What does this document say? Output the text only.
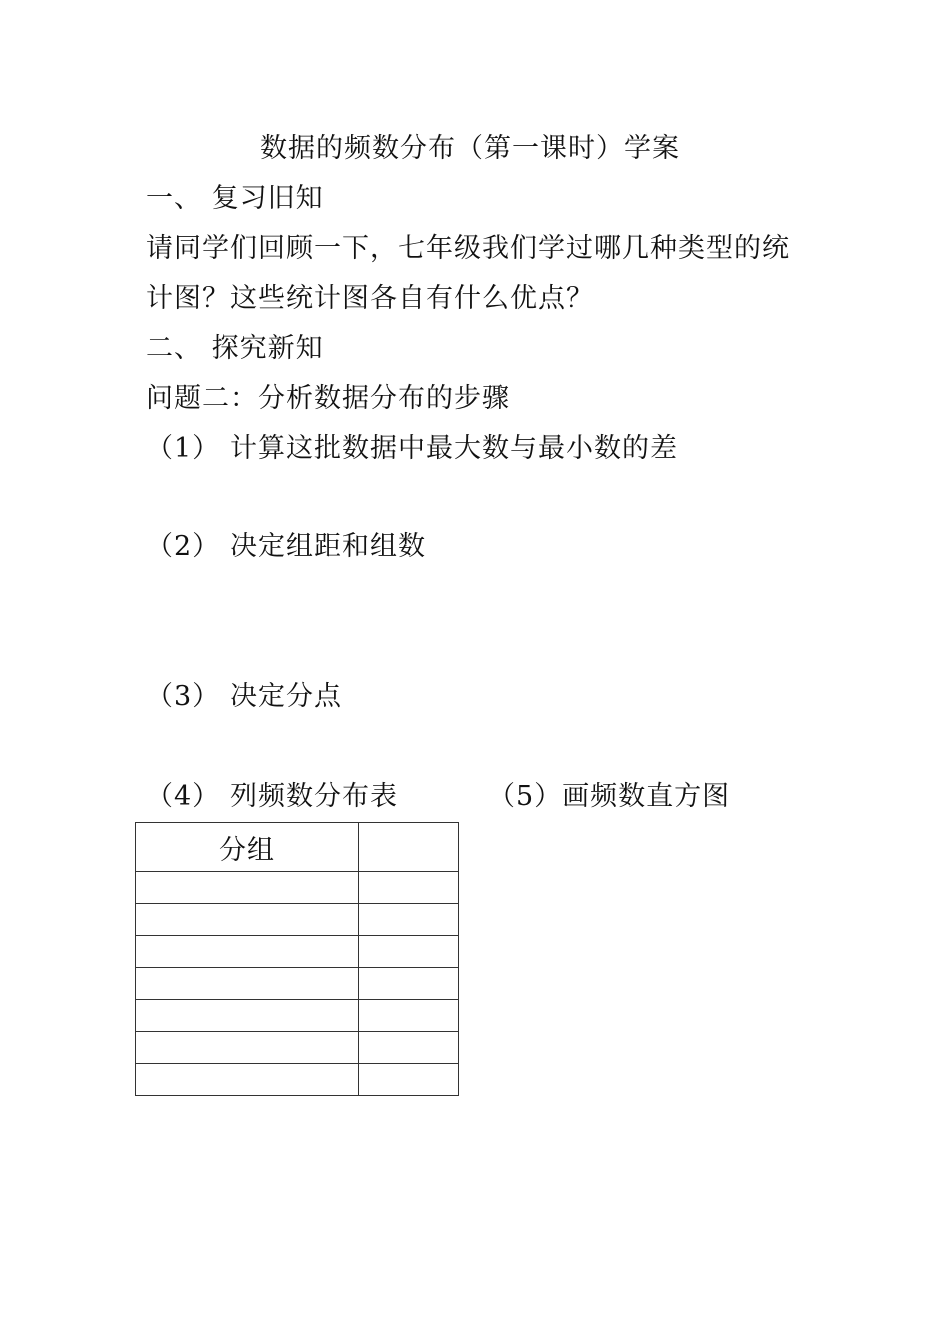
数据的频数分布（第一课时）学案
一、 复习旧知
请同学们回顾一下，七年级我们学过哪几种类型的统
计图？这些统计图各自有什么优点？
二、 探究新知
问题二：分析数据分布的步骤
（1） 计算这批数据中最大数与最小数的差
（2） 决定组距和组数
（3） 决定分点
（4） 列频数分布表	（5）画频数直方图
分组	
